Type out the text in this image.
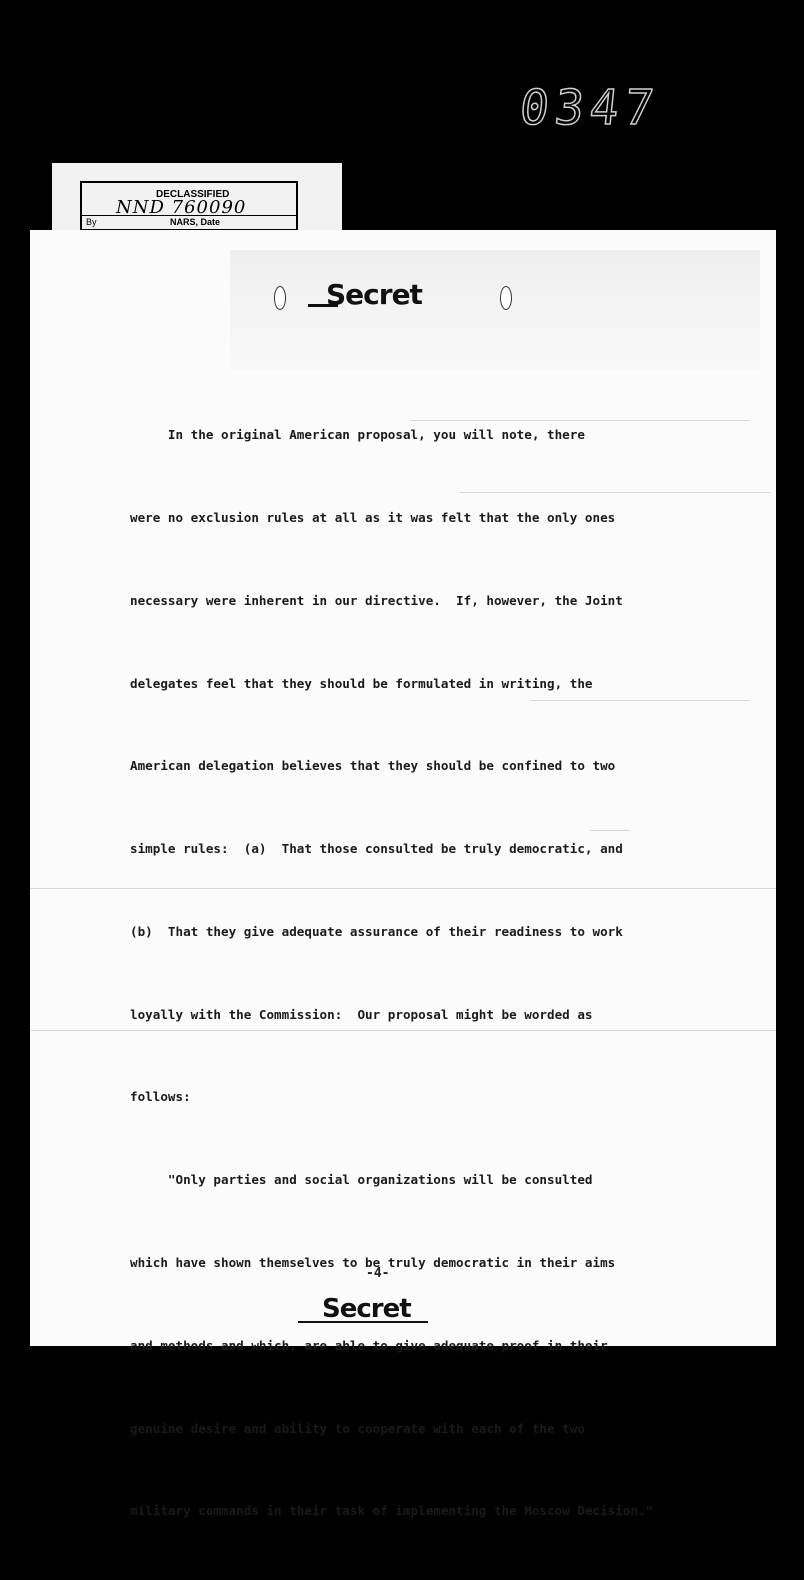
0347
DECLASSIFIED
NND 760090
By	NARS, Date
Secret

In the original American proposal, you will note, there

were no exclusion rules at all as it was felt that the only ones

necessary were inherent in our directive.  If, however, the Joint

delegates feel that they should be formulated in writing, the

American delegation believes that they should be confined to two

simple rules:  (a)  That those consulted be truly democratic, and

(b)  That they give adequate assurance of their readiness to work

loyally with the Commission:  Our proposal might be worded as

follows:

"Only parties and social organizations will be consulted

which have shown themselves to be truly democratic in their aims

and methods and which, are able to give adequate proof in their

genuine desire and ability to cooperate with each of the two

military commands in their task of implementing the Moscow Decision."

-4-
Secret
